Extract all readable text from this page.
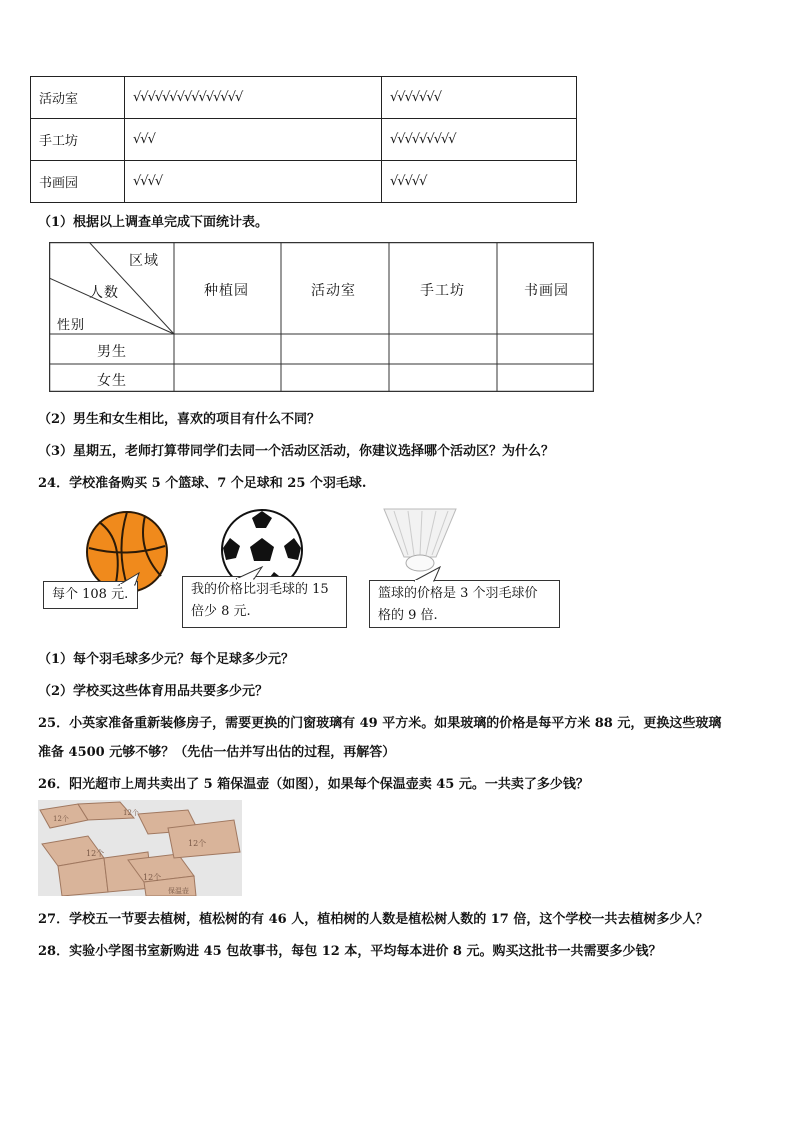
活动室	√√√√√√√√√√√√√√√	√√√√√√√
手工坊	√√√	√√√√√√√√√
书画园	√√√√	√√√√√
（1）根据以上调查单完成下面统计表。
区域
人数
性别
种植园	活动室	手工坊	书画园
男生
女生
（2）男生和女生相比，喜欢的项目有什么不同？
（3）星期五，老师打算带同学们去同一个活动区活动，你建议选择哪个活动区？为什么？
24．学校准备购买 5 个篮球、7 个足球和 25 个羽毛球.
每个 108 元.	我的价格比羽毛球的 15
倍少 8 元.
篮球的价格是 3 个羽毛球价
格的 9 倍.
（1）每个羽毛球多少元？每个足球多少元？
（2）学校买这些体育用品共要多少元？
25．小英家准备重新装修房子，需要更换的门窗玻璃有 49 平方米。如果玻璃的价格是每平方米 88 元，更换这些玻璃
准备 4500 元够不够？（先估一估并写出估的过程，再解答）
26．阳光超市上周共卖出了 5 箱保温壶（如图），如果每个保温壶卖 45 元。一共卖了多少钱？
12个
12个
12个
12个
12个
保温壶
27．学校五一节要去植树，植松树的有 46 人，植柏树的人数是植松树人数的 17 倍，这个学校一共去植树多少人？
28．实验小学图书室新购进 45 包故事书，每包 12 本，平均每本进价 8 元。购买这批书一共需要多少钱？
